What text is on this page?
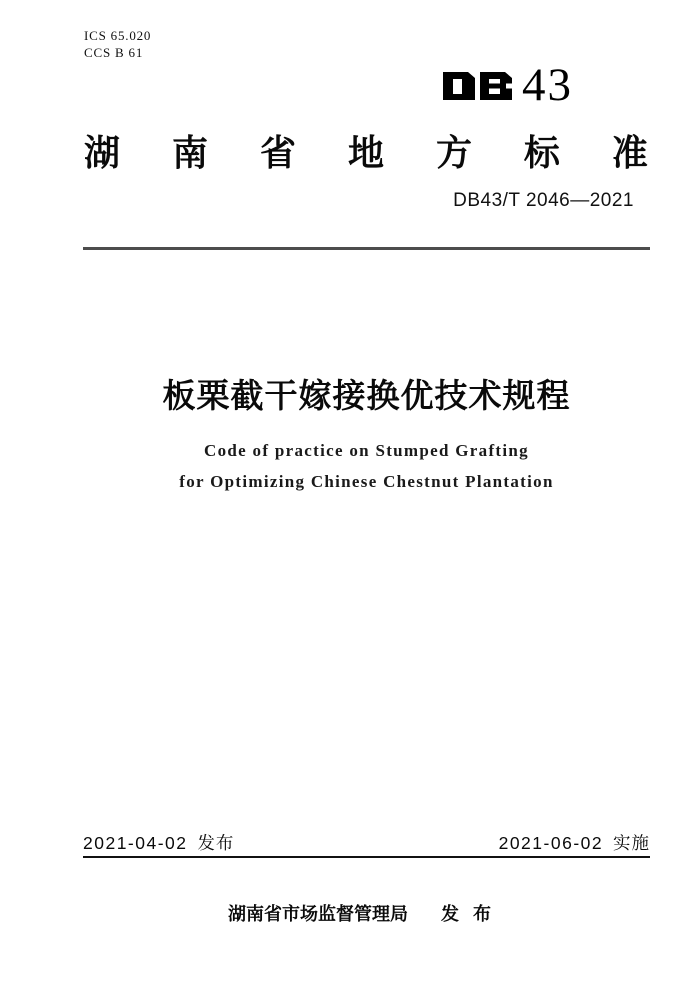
ICS 65.020
CCS B 61
43
湖 南 省 地 方 标 准
DB43/T 2046—2021
板栗截干嫁接换优技术规程
Code of practice on Stumped Grafting
for Optimizing Chinese Chestnut Plantation
2021-04-02 发布	2021-06-02 实施
湖南省市场监督管理局 发布
